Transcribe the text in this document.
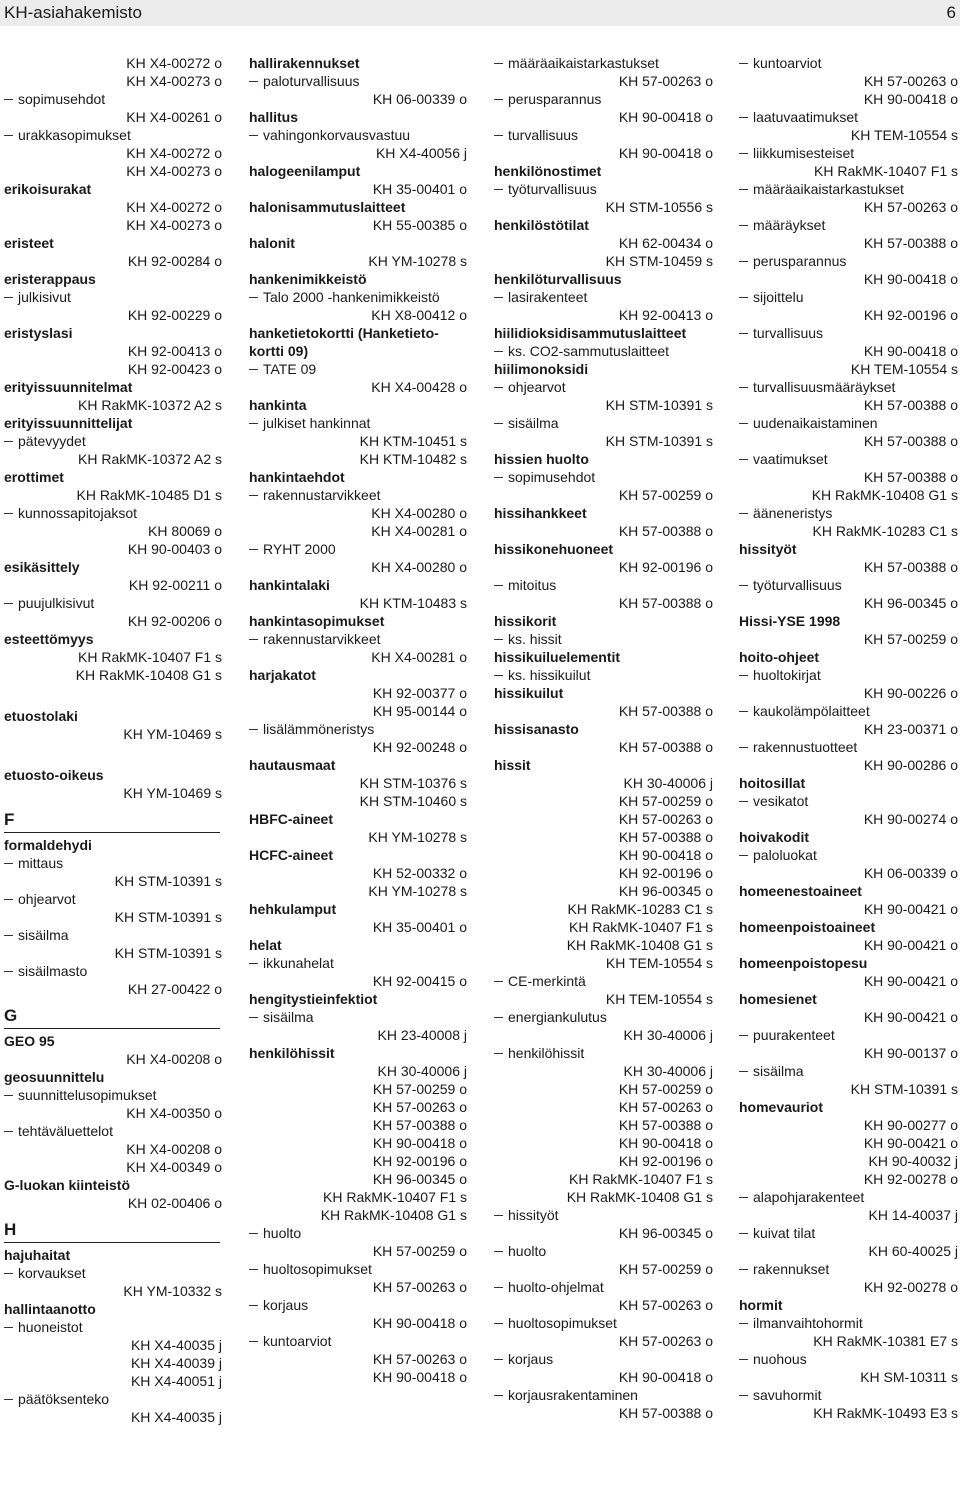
KH-asiahakemisto	6
KH X4-00272 o
KH X4-00273 o
sopimusehdot
KH X4-00261 o
urakkasopimukset
KH X4-00272 o
KH X4-00273 o
erikoisurakat
KH X4-00272 o
KH X4-00273 o
eristeet
KH 92-00284 o
eristerappaus
julkisivut
KH 92-00229 o
eristyslasi
KH 92-00413 o
KH 92-00423 o
erityissuunnitelmat
KH RakMK-10372 A2 s
erityissuunnittelijat
pätevyydet
KH RakMK-10372 A2 s
erottimet
KH RakMK-10485 D1 s
kunnossapitojaksot
KH 80069 o
KH 90-00403 o
esikäsittely
KH 92-00211 o
puujulkisivut
KH 92-00206 o
esteettömyys
KH RakMK-10407 F1 s
KH RakMK-10408 G1 s
etuostolaki
KH YM-10469 s
etuosto-oikeus
KH YM-10469 s
F
formaldehydi
mittaus
KH STM-10391 s
ohjearvot
KH STM-10391 s
sisäilma
KH STM-10391 s
sisäilmasto
KH 27-00422 o
G
GEO 95
KH X4-00208 o
geosuunnittelu
suunnittelusopimukset
KH X4-00350 o
tehtäväluettelot
KH X4-00208 o
KH X4-00349 o
G-luokan kiinteistö
KH 02-00406 o
H
hajuhaitat
korvaukset
KH YM-10332 s
hallintaanotto
huoneistot
KH X4-40035 j
KH X4-40039 j
KH X4-40051 j
päätöksenteko
KH X4-40035 j
hallirakennukset
paloturvallisuus
KH 06-00339 o
hallitus
vahingonkorvausvastuu
KH X4-40056 j
halogeenilamput
KH 35-00401 o
halonisammutuslaitteet
KH 55-00385 o
halonit
KH YM-10278 s
hankenimikkeistö
Talo 2000 -hankenimikkeistö
KH X8-00412 o
hanketietokortti (Hanketieto-
kortti 09)
TATE 09
KH X4-00428 o
hankinta
julkiset hankinnat
KH KTM-10451 s
KH KTM-10482 s
hankintaehdot
rakennustarvikkeet
KH X4-00280 o
KH X4-00281 o
RYHT 2000
KH X4-00280 o
hankintalaki
KH KTM-10483 s
hankintasopimukset
rakennustarvikkeet
KH X4-00281 o
harjakatot
KH 92-00377 o
KH 95-00144 o
lisälämmöneristys
KH 92-00248 o
hautausmaat
KH STM-10376 s
KH STM-10460 s
HBFC-aineet
KH YM-10278 s
HCFC-aineet
KH 52-00332 o
KH YM-10278 s
hehkulamput
KH 35-00401 o
helat
ikkunahelat
KH 92-00415 o
hengitystieinfektiot
sisäilma
KH 23-40008 j
henkilöhissit
KH 30-40006 j
KH 57-00259 o
KH 57-00263 o
KH 57-00388 o
KH 90-00418 o
KH 92-00196 o
KH 96-00345 o
KH RakMK-10407 F1 s
KH RakMK-10408 G1 s
huolto
KH 57-00259 o
huoltosopimukset
KH 57-00263 o
korjaus
KH 90-00418 o
kuntoarviot
KH 57-00263 o
KH 90-00418 o
määräaikaistarkastukset
KH 57-00263 o
perusparannus
KH 90-00418 o
turvallisuus
KH 90-00418 o
henkilönostimet
työturvallisuus
KH STM-10556 s
henkilöstötilat
KH 62-00434 o
KH STM-10459 s
henkilöturvallisuus
lasirakenteet
KH 92-00413 o
hiilidioksidisammutuslaitteet
ks. CO2-sammutuslaitteet
hiilimonoksidi
ohjearvot
KH STM-10391 s
sisäilma
KH STM-10391 s
hissien huolto
sopimusehdot
KH 57-00259 o
hissihankkeet
KH 57-00388 o
hissikonehuoneet
KH 92-00196 o
mitoitus
KH 57-00388 o
hissikorit
ks. hissit
hissikuiluelementit
ks. hissikuilut
hissikuilut
KH 57-00388 o
hissisanasto
KH 57-00388 o
hissit
KH 30-40006 j
KH 57-00259 o
KH 57-00263 o
KH 57-00388 o
KH 90-00418 o
KH 92-00196 o
KH 96-00345 o
KH RakMK-10283 C1 s
KH RakMK-10407 F1 s
KH RakMK-10408 G1 s
KH TEM-10554 s
CE-merkintä
KH TEM-10554 s
energiankulutus
KH 30-40006 j
henkilöhissit
KH 30-40006 j
KH 57-00259 o
KH 57-00263 o
KH 57-00388 o
KH 90-00418 o
KH 92-00196 o
KH RakMK-10407 F1 s
KH RakMK-10408 G1 s
hissityöt
KH 96-00345 o
huolto
KH 57-00259 o
huolto-ohjelmat
KH 57-00263 o
huoltosopimukset
KH 57-00263 o
korjaus
KH 90-00418 o
korjausrakentaminen
KH 57-00388 o
kuntoarviot
KH 57-00263 o
KH 90-00418 o
laatuvaatimukset
KH TEM-10554 s
liikkumisesteiset
KH RakMK-10407 F1 s
määräaikaistarkastukset
KH 57-00263 o
määräykset
KH 57-00388 o
perusparannus
KH 90-00418 o
sijoittelu
KH 92-00196 o
turvallisuus
KH 90-00418 o
KH TEM-10554 s
turvallisuusmääräykset
KH 57-00388 o
uudenaikaistaminen
KH 57-00388 o
vaatimukset
KH 57-00388 o
KH RakMK-10408 G1 s
ääneneristys
KH RakMK-10283 C1 s
hissityöt
KH 57-00388 o
työturvallisuus
KH 96-00345 o
Hissi-YSE 1998
KH 57-00259 o
hoito-ohjeet
huoltokirjat
KH 90-00226 o
kaukolämpölaitteet
KH 23-00371 o
rakennustuotteet
KH 90-00286 o
hoitosillat
vesikatot
KH 90-00274 o
hoivakodit
paloluokat
KH 06-00339 o
homeenestoaineet
KH 90-00421 o
homeenpoistoaineet
KH 90-00421 o
homeenpoistopesu
KH 90-00421 o
homesienet
KH 90-00421 o
puurakenteet
KH 90-00137 o
sisäilma
KH STM-10391 s
homevauriot
KH 90-00277 o
KH 90-00421 o
KH 90-40032 j
KH 92-00278 o
alapohjarakenteet
KH 14-40037 j
kuivat tilat
KH 60-40025 j
rakennukset
KH 92-00278 o
hormit
ilmanvaihtohormit
KH RakMK-10381 E7 s
nuohous
KH SM-10311 s
savuhormit
KH RakMK-10493 E3 s
